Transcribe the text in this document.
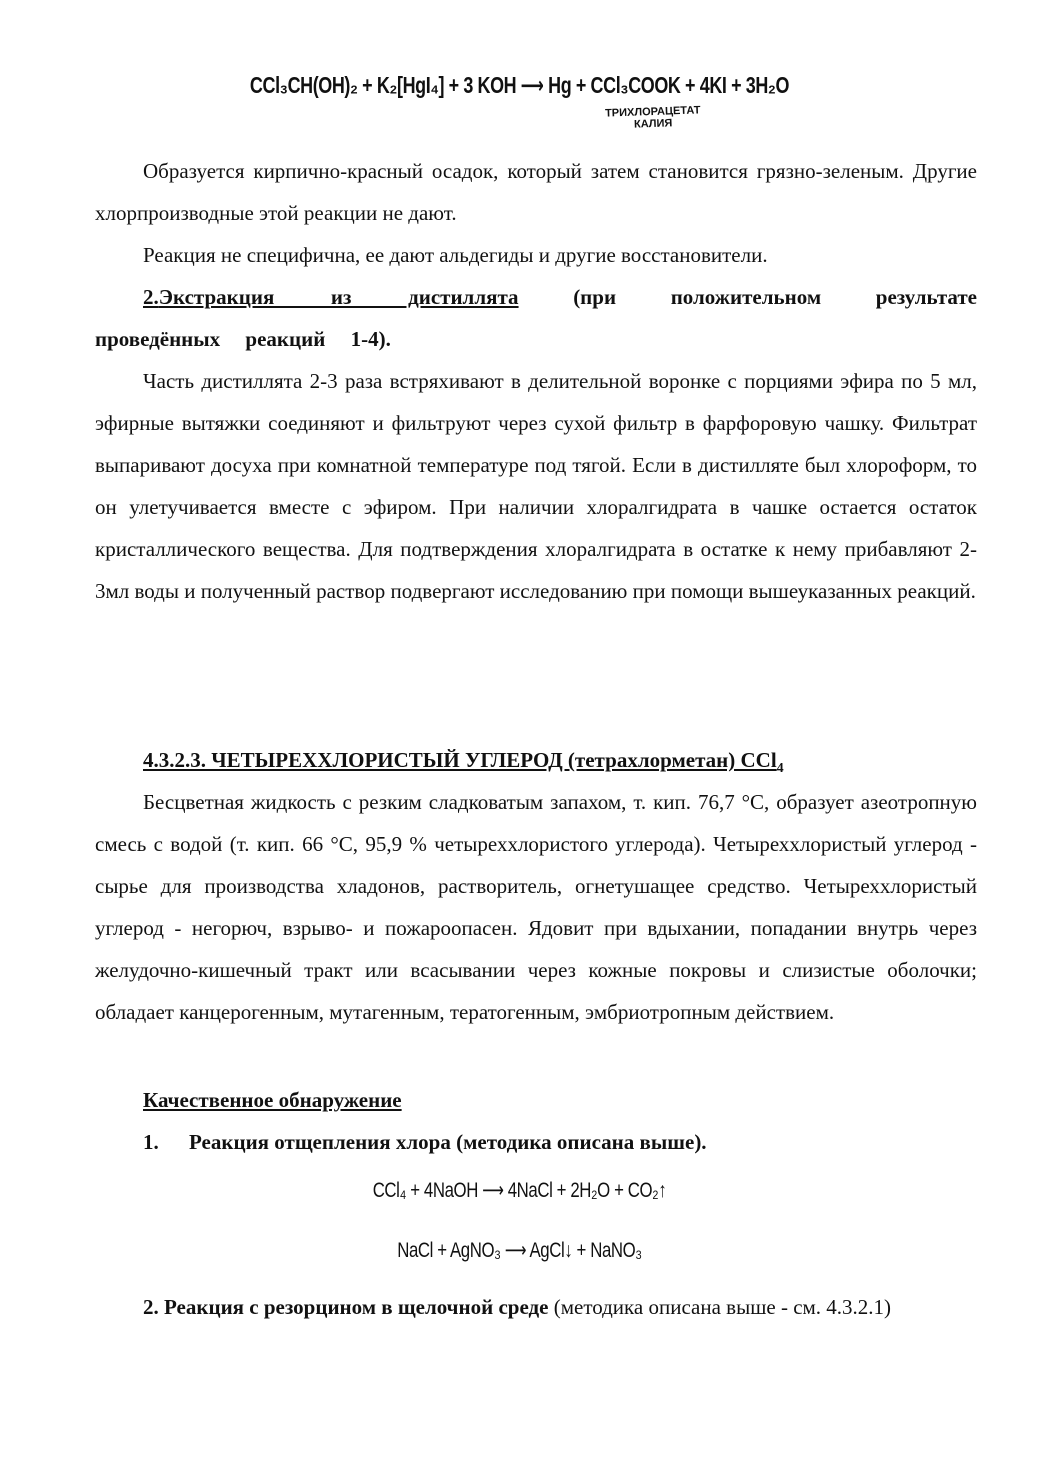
CCl₃CH(OH)₂ + K₂[HgI₄] + 3 KOH ⟶ Hg + CCl₃COOK + 4KI + 3H₂O
ТРИХЛОРАЦЕТАТ
КАЛИЯ

Образуется кирпично-красный осадок, который затем становится грязно-зеленым. Другие хлорпроизводные этой реакции не дают.

Реакция не специфична, ее дают альдегиды и другие восстановители.

2.Экстракция из дистиллята (при положительном результате проведённых реакций 1-4).

Часть дистиллята 2-3 раза встряхивают в делительной воронке с порциями эфира по 5 мл, эфирные вытяжки соединяют и фильтруют через сухой фильтр в фарфоровую чашку. Фильтрат выпаривают досуха при комнатной температуре под тягой. Если в дистилляте был хлороформ, то он улетучивается вместе с эфиром. При наличии хлоралгидрата в чашке остается остаток кристаллического вещества. Для подтверждения хлоралгидрата в остатке к нему прибавляют 2-3мл воды и полученный раствор подвергают исследованию при помощи вышеуказанных реакций.

4.3.2.3. ЧЕТЫРЕХХЛОРИСТЫЙ УГЛЕРОД (тетрахлорметан) CCl$_4$

Бесцветная жидкость с резким сладковатым запахом, т. кип. 76,7 °С, образует азеотропную смесь с водой (т. кип. 66 °С, 95,9 % четыреххлористого углерода). Четыреххлористый углерод - сырье для производства хладонов, растворитель, огнетушащее средство. Четыреххлористый углерод - негорюч, взрыво- и пожароопасен. Ядовит при вдыхании, попадании внутрь через желудочно-кишечный тракт или всасывании через кожные покровы и слизистые оболочки; обладает канцерогенным, мутагенным, тератогенным, эмбриотропным действием.

Качественное обнаружение
1. Реакция отщепления хлора (методика описана выше).
CCl₄ + 4NaOH ⟶ 4NaCl + 2H₂O + CO₂↑
NaCl + AgNO₃ ⟶ AgCl↓ + NaNO₃

2. Реакция с резорцином в щелочной среде (методика описана выше - см. 4.3.2.1)
